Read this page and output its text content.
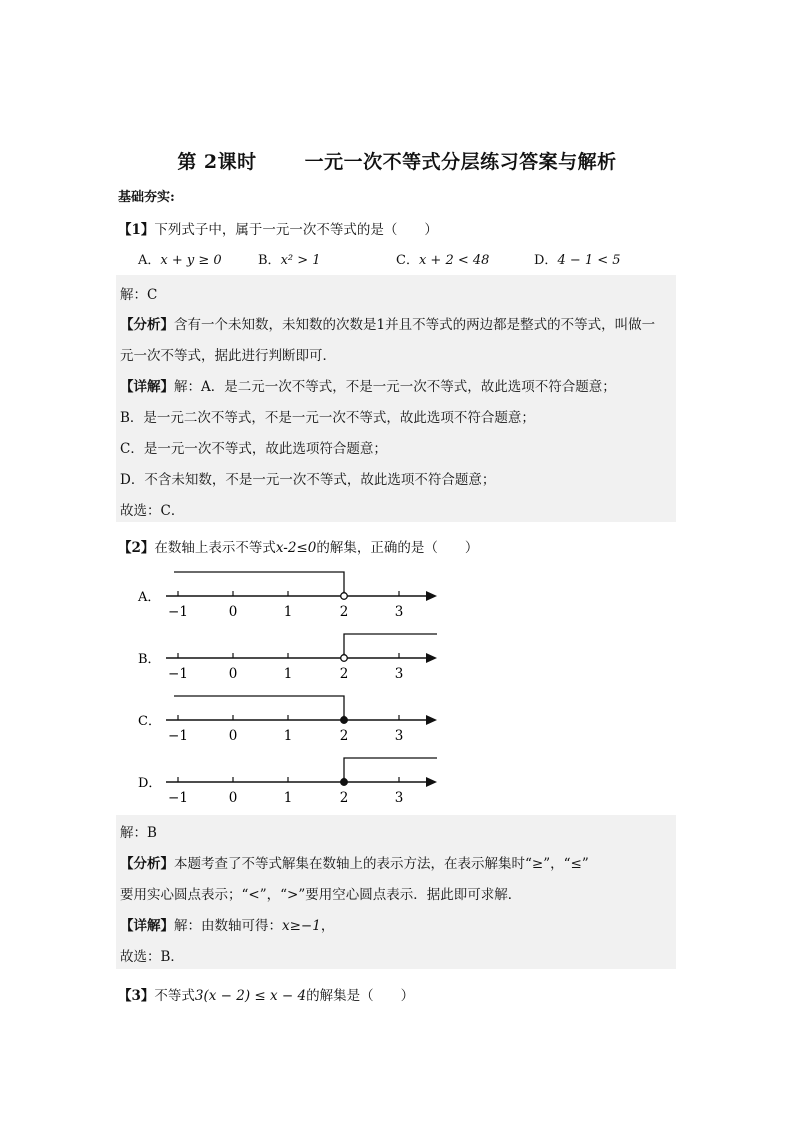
第 2课时	一元一次不等式分层练习答案与解析
基础夯实:
【1】下列式子中，属于一元一次不等式的是（　　）
A．x + y ≥ 0	B．x² > 1	C．x + 2 < 48	D．4 − 1 < 5
解：C
【分析】含有一个未知数，未知数的次数是1并且不等式的两边都是整式的不等式，叫做一
元一次不等式，据此进行判断即可．
【详解】解：A．是二元一次不等式，不是一元一次不等式，故此选项不符合题意；
B．是一元二次不等式，不是一元一次不等式，故此选项不符合题意；
C．是一元一次不等式，故此选项符合题意；
D．不含未知数，不是一元一次不等式，故此选项不符合题意；
故选：C．
【2】在数轴上表示不等式x-2≤0的解集，正确的是（　　）
A．
−1	0	1	2	3
B．
−1	0	1	2	3
C．
−1	0	1	2	3
D．
−1	0	1	2	3
解：B
【分析】本题考查了不等式解集在数轴上的表示方法，在表示解集时“≥”，“≤”
要用实心圆点表示；“<”，“>”要用空心圆点表示．据此即可求解．
【详解】解：由数轴可得：x≥−1，
故选：B．
【3】不等式3(x − 2) ≤ x − 4的解集是（　　）
